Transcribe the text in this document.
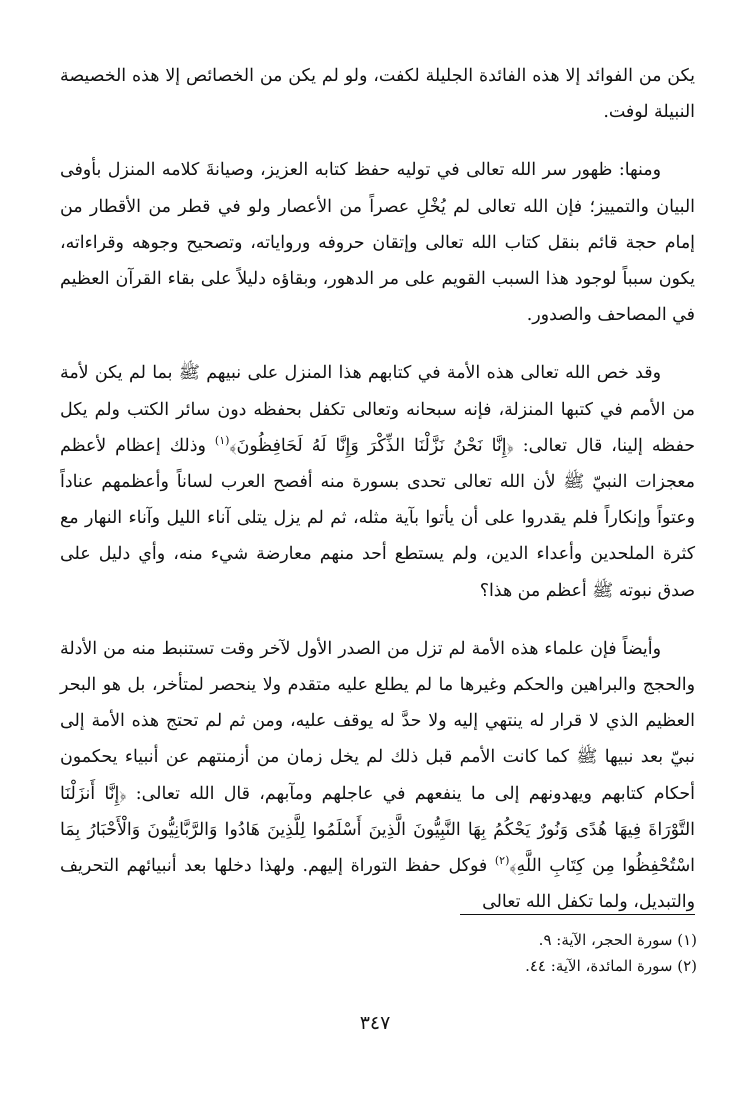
يكن من الفوائد إلا هذه الفائدة الجليلة لكفت، ولو لم يكن من الخصائص إلا هذه الخصيصة النبيلة لوفت.

ومنها: ظهور سر الله تعالى في توليه حفظ كتابه العزيز، وصيانةَ كلامه المنزل بأوفى البيان والتمييز؛ فإن الله تعالى لم يُخْلِ عصراً من الأعصار ولو في قطر من الأقطار من إمام حجة قائم بنقل كتاب الله تعالى وإتقان حروفه ورواياته، وتصحيح وجوهه وقراءاته، يكون سبباً لوجود هذا السبب القويم على مر الدهور، وبقاؤه دليلاً على بقاء القرآن العظيم في المصاحف والصدور.

وقد خص الله تعالى هذه الأمة في كتابهم هذا المنزل على نبيهم ﷺ بما لم يكن لأمة من الأمم في كتبها المنزلة، فإنه سبحانه وتعالى تكفل بحفظه دون سائر الكتب ولم يكل حفظه إلينا، قال تعالى: ﴿إِنَّا نَحْنُ نَزَّلْنَا الذِّكْرَ وَإِنَّا لَهُ لَحَافِظُونَ﴾$^{(١)}$ وذلك إعظام لأعظم معجزات النبيّ ﷺ لأن الله تعالى تحدى بسورة منه أفصح العرب لساناً وأعظمهم عناداً وعتواً وإنكاراً فلم يقدروا على أن يأتوا بآية مثله، ثم لم يزل يتلى آناء الليل وآناء النهار مع كثرة الملحدين وأعداء الدين، ولم يستطع أحد منهم معارضة شيء منه، وأي دليل على صدق نبوته ﷺ أعظم من هذا؟

وأيضاً فإن علماء هذه الأمة لم تزل من الصدر الأول لآخر وقت تستنبط منه من الأدلة والحجج والبراهين والحكم وغيرها ما لم يطلع عليه متقدم ولا ينحصر لمتأخر، بل هو البحر العظيم الذي لا قرار له ينتهي إليه ولا حدَّ له يوقف عليه، ومن ثم لم تحتج هذه الأمة إلى نبيّ بعد نبيها ﷺ كما كانت الأمم قبل ذلك لم يخل زمان من أزمنتهم عن أنبياء يحكمون أحكام كتابهم ويهدونهم إلى ما ينفعهم في عاجلهم ومآبهم، قال الله تعالى: ﴿إِنَّا أَنزَلْنَا التَّوْرَاةَ فِيهَا هُدًى وَنُورٌ يَحْكُمُ بِهَا النَّبِيُّونَ الَّذِينَ أَسْلَمُوا لِلَّذِينَ هَادُوا وَالرَّبَّانِيُّونَ وَالْأَحْبَارُ بِمَا اسْتُحْفِظُوا مِن كِتَابِ اللَّهِ﴾$^{(٢)}$ فوكل حفظ التوراة إليهم. ولهذا دخلها بعد أنبيائهم التحريف والتبديل، ولما تكفل الله تعالى

(١) سورة الحجر، الآية: ٩.
(٢) سورة المائدة، الآية: ٤٤.
٣٤٧
